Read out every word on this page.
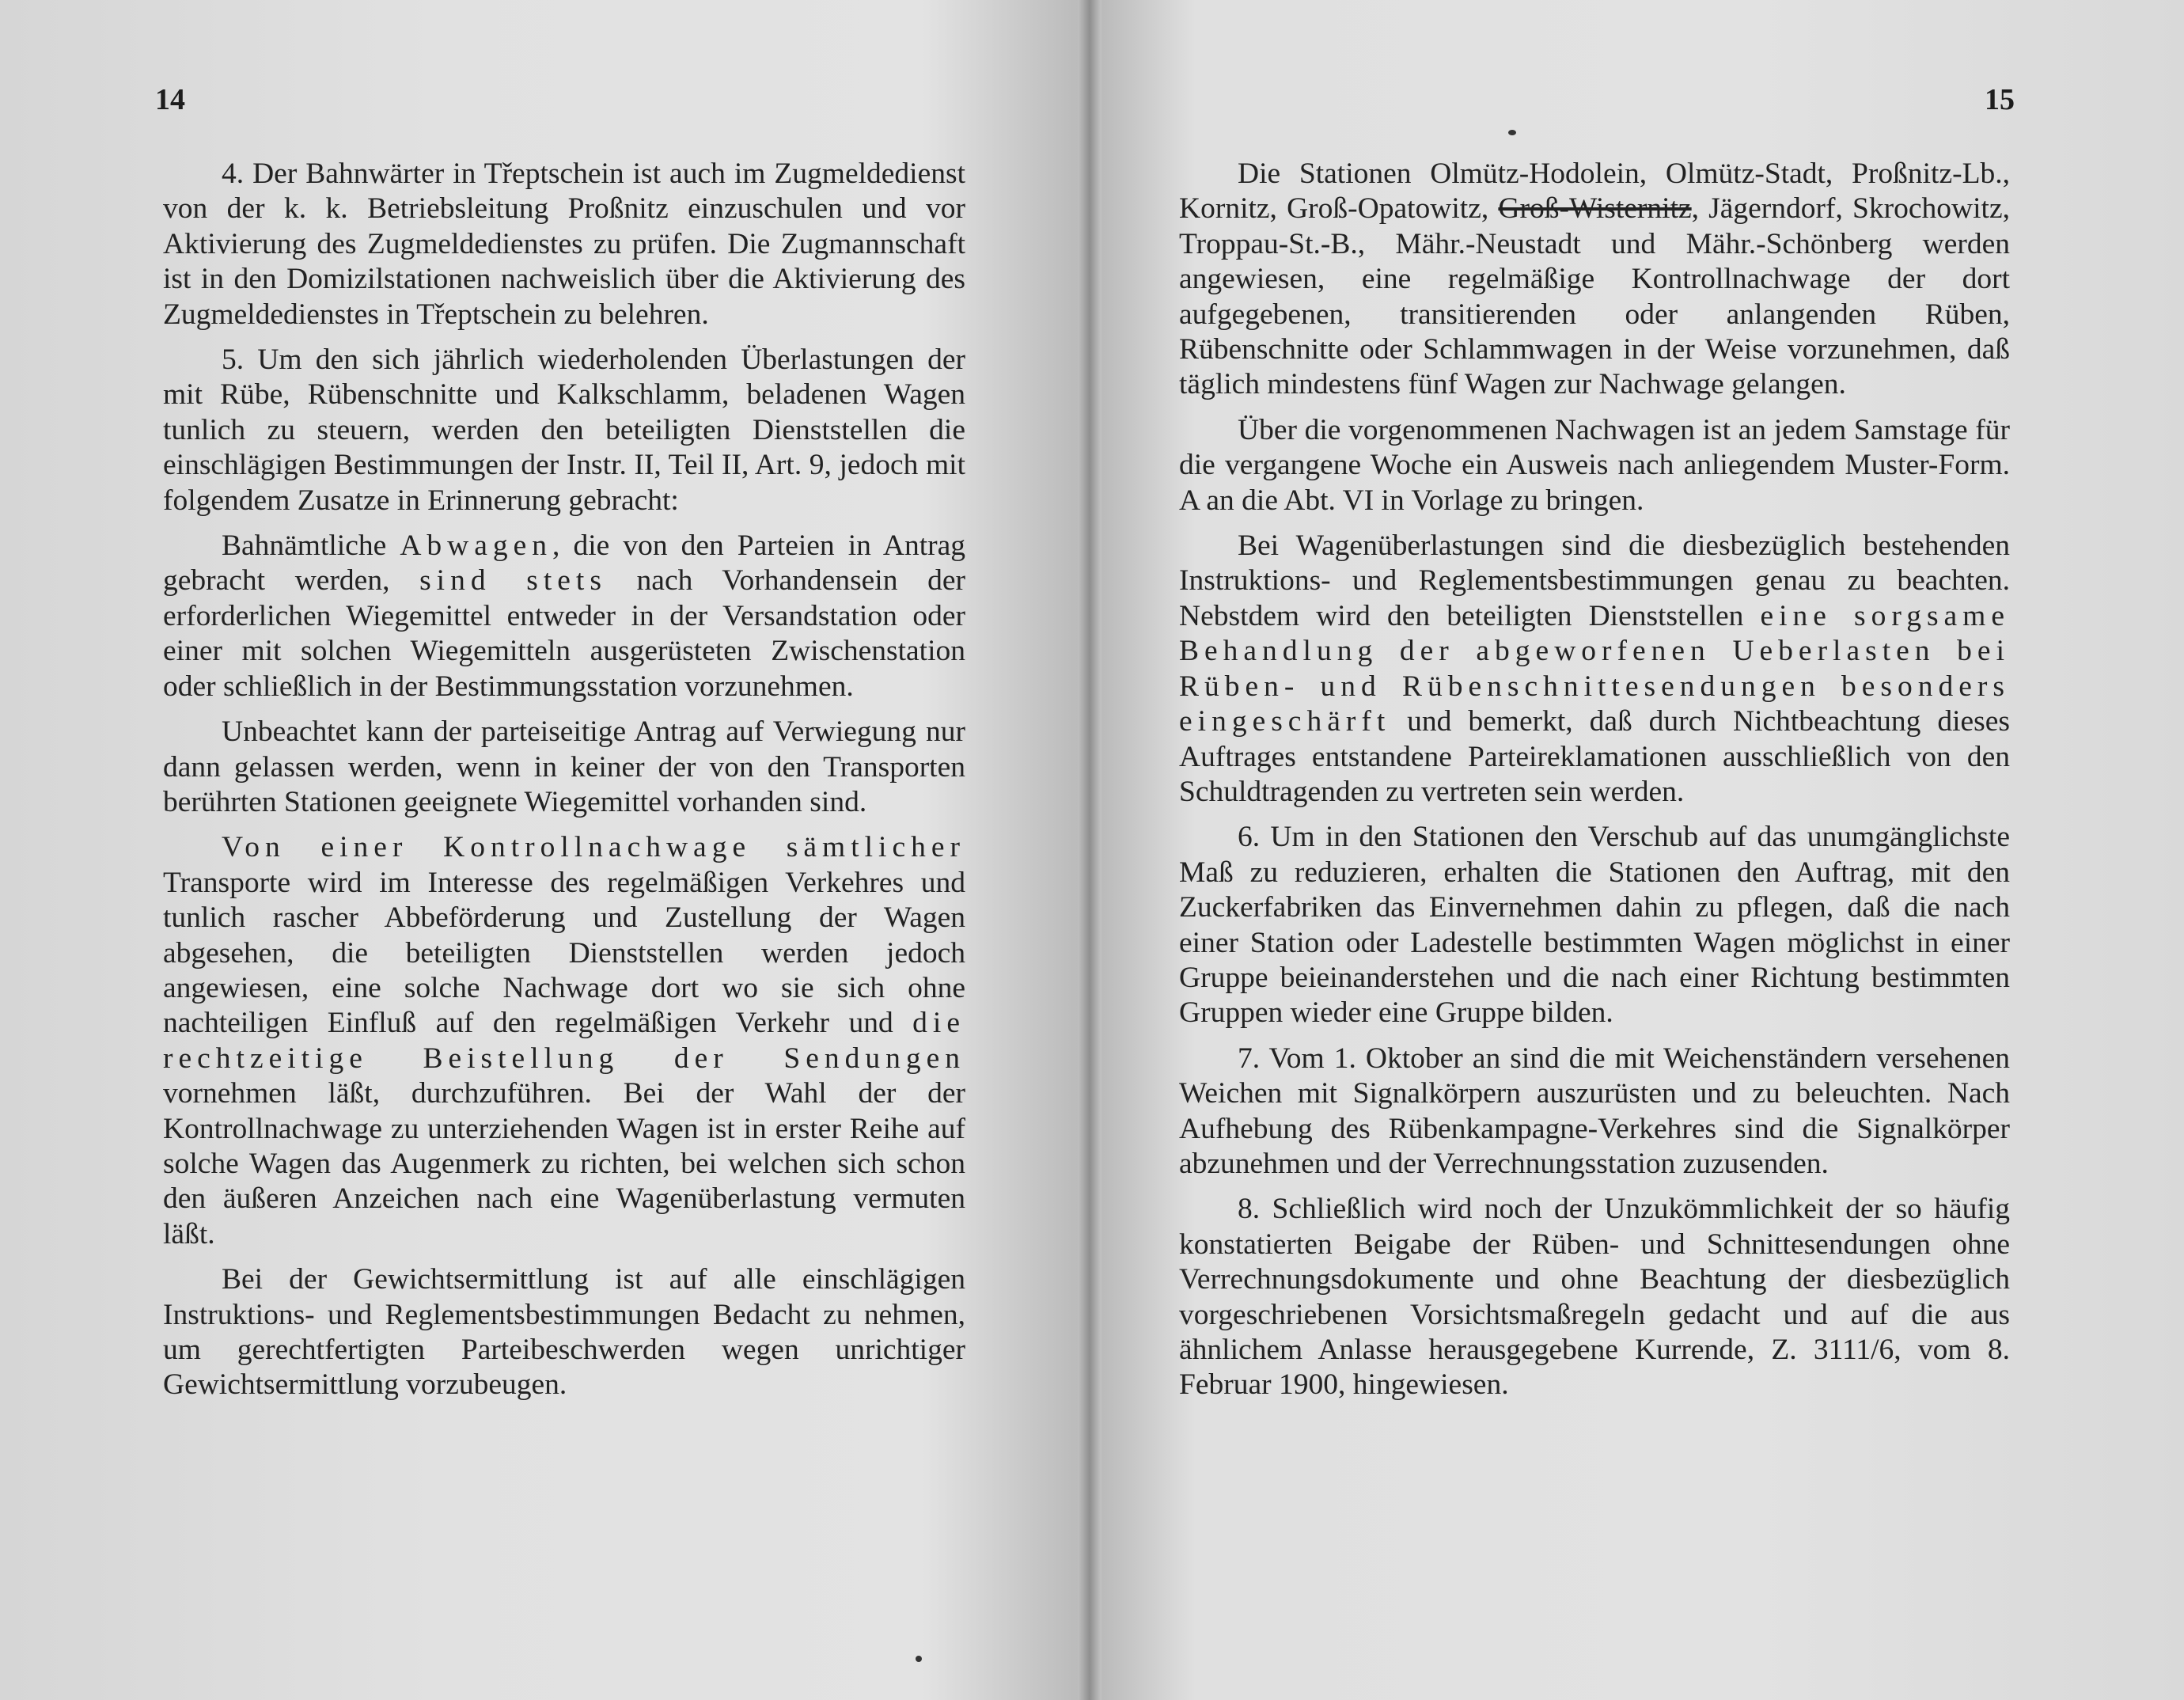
14

4. Der Bahnwärter in Třeptschein ist auch im Zugmeldedienst von der k. k. Betriebsleitung Proßnitz einzuschulen und vor Aktivierung des Zugmeldedienstes zu prüfen. Die Zugmannschaft ist in den Domizilstationen nachweislich über die Aktivierung des Zugmeldedienstes in Třeptschein zu belehren.

5. Um den sich jährlich wiederholenden Überlastungen der mit Rübe, Rübenschnitte und Kalkschlamm, beladenen Wagen tunlich zu steuern, werden den beteiligten Dienststellen die einschlägigen Bestimmungen der Instr. II, Teil II, Art. 9, jedoch mit folgendem Zusatze in Erinnerung gebracht:

Bahnämtliche Abwagen, die von den Parteien in Antrag gebracht werden, sind stets nach Vorhandensein der erforderlichen Wiegemittel entweder in der Versandstation oder einer mit solchen Wiegemitteln ausgerüsteten Zwischenstation oder schließlich in der Bestimmungsstation vorzunehmen.

Unbeachtet kann der parteiseitige Antrag auf Verwiegung nur dann gelassen werden, wenn in keiner der von den Transporten berührten Stationen geeignete Wiegemittel vorhanden sind.

Von einer Kontrollnachwage sämtlicher Transporte wird im Interesse des regelmäßigen Verkehres und tunlich rascher Abbeförderung und Zustellung der Wagen abgesehen, die beteiligten Dienststellen werden jedoch angewiesen, eine solche Nachwage dort wo sie sich ohne nachteiligen Einfluß auf den regelmäßigen Verkehr und die rechtzeitige Beistellung der Sendungen vornehmen läßt, durchzuführen. Bei der Wahl der der Kontrollnachwage zu unterziehenden Wagen ist in erster Reihe auf solche Wagen das Augenmerk zu richten, bei welchen sich schon den äußeren Anzeichen nach eine Wagenüberlastung vermuten läßt.

Bei der Gewichtsermittlung ist auf alle einschlägigen Instruktions- und Reglementsbestimmungen Bedacht zu nehmen, um gerechtfertigten Parteibeschwerden wegen unrichtiger Gewichtsermittlung vorzubeugen.

15

Die Stationen Olmütz-Hodolein, Olmütz-Stadt, Proßnitz-Lb., Kornitz, Groß-Opatowitz, Groß-Wisternitz, Jägerndorf, Skrochowitz, Troppau-St.-B., Mähr.-Neustadt und Mähr.-Schönberg werden angewiesen, eine regelmäßige Kontrollnachwage der dort aufgegebenen, transitierenden oder anlangenden Rüben, Rübenschnitte oder Schlammwagen in der Weise vorzunehmen, daß täglich mindestens fünf Wagen zur Nachwage gelangen.

Über die vorgenommenen Nachwagen ist an jedem Samstage für die vergangene Woche ein Ausweis nach anliegendem Muster-Form. A an die Abt. VI in Vorlage zu bringen.

Bei Wagenüberlastungen sind die diesbezüglich bestehenden Instruktions- und Reglementsbestimmungen genau zu beachten. Nebstdem wird den beteiligten Dienststellen eine sorgsame Behandlung der abgeworfenen Ueberlasten bei Rüben- und Rübenschnittesendungen besonders eingeschärft und bemerkt, daß durch Nichtbeachtung dieses Auftrages entstandene Parteireklamationen ausschließlich von den Schuldtragenden zu vertreten sein werden.

6. Um in den Stationen den Verschub auf das unumgänglichste Maß zu reduzieren, erhalten die Stationen den Auftrag, mit den Zuckerfabriken das Einvernehmen dahin zu pflegen, daß die nach einer Station oder Ladestelle bestimmten Wagen möglichst in einer Gruppe beieinanderstehen und die nach einer Richtung bestimmten Gruppen wieder eine Gruppe bilden.

7. Vom 1. Oktober an sind die mit Weichenständern versehenen Weichen mit Signalkörpern auszurüsten und zu beleuchten. Nach Aufhebung des Rübenkampagne-Verkehres sind die Signalkörper abzunehmen und der Verrechnungsstation zuzusenden.

8. Schließlich wird noch der Unzukömmlichkeit der so häufig konstatierten Beigabe der Rüben- und Schnittesendungen ohne Verrechnungsdokumente und ohne Beachtung der diesbezüglich vorgeschriebenen Vorsichtsmaßregeln gedacht und auf die aus ähnlichem Anlasse herausgegebene Kurrende, Z. 3111/6, vom 8. Februar 1900, hingewiesen.
